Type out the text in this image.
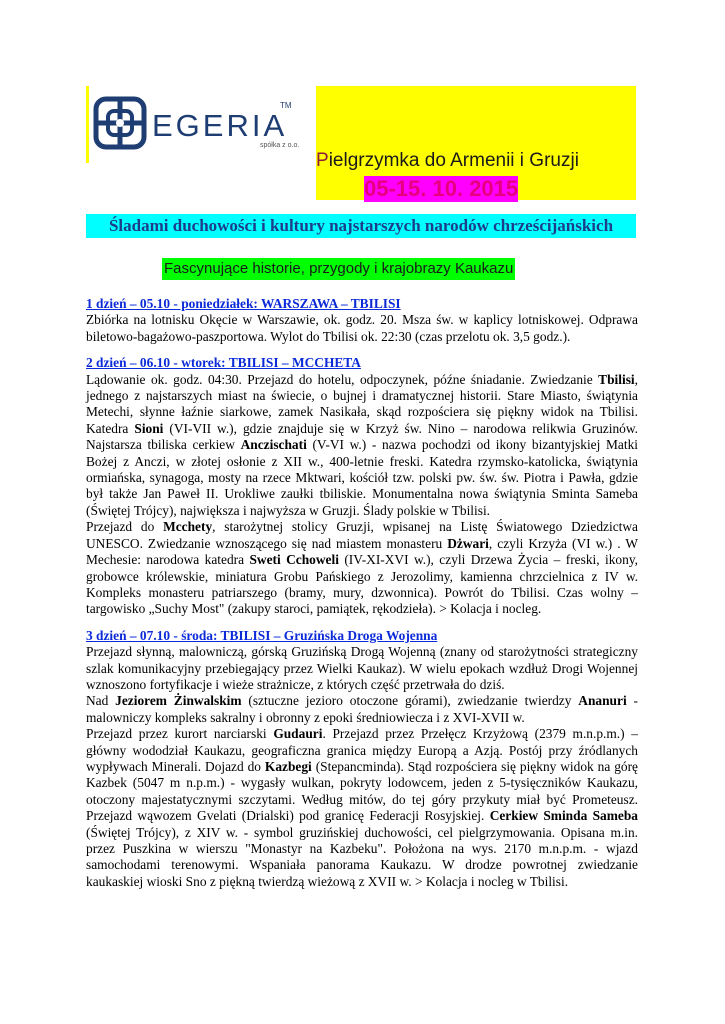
EGERIA
TM
spółka z o.o.
Pielgrzymka do Armenii i Gruzji
05-15. 10. 2015
Śladami duchowości i kultury najstarszych narodów chrześcijańskich
Fascynujące historie, przygody i krajobrazy Kaukazu
1 dzień – 05.10 - poniedziałek: WARSZAWA – TBILISI
Zbiórka na lotnisku Okęcie w Warszawie, ok. godz. 20. Msza św. w kaplicy lotniskowej. Odprawa biletowo-bagażowo-paszportowa. Wylot do Tbilisi ok. 22:30 (czas przelotu ok. 3,5 godz.).
2 dzień – 06.10 - wtorek: TBILISI – MCCHETA
Lądowanie ok. godz. 04:30. Przejazd do hotelu, odpoczynek, późne śniadanie. Zwiedzanie Tbilisi, jednego z najstarszych miast na świecie, o bujnej i dramatycznej historii. Stare Miasto, świątynia Metechi, słynne łaźnie siarkowe, zamek Nasikała, skąd rozpościera się piękny widok na Tbilisi. Katedra Sioni (VI-VII w.), gdzie znajduje się w Krzyż św. Nino – narodowa relikwia Gruzinów. Najstarsza tbiliska cerkiew Anczischati (V-VI w.) - nazwa pochodzi od ikony bizantyjskiej Matki Bożej z Anczi, w złotej osłonie z XII w., 400-letnie freski. Katedra rzymsko-katolicka, świątynia ormiańska, synagoga, mosty na rzece Mktwari, kościół tzw. polski pw. św. św. Piotra i Pawła, gdzie był także Jan Paweł II. Urokliwe zaułki tbiliskie. Monumentalna nowa świątynia Sminta Sameba (Świętej Trójcy), największa i najwyższa w Gruzji. Ślady polskie w Tbilisi.
Przejazd do Mcchety, starożytnej stolicy Gruzji, wpisanej na Listę Światowego Dziedzictwa UNESCO. Zwiedzanie wznoszącego się nad miastem monasteru Dżwari, czyli Krzyża (VI w.) . W Mechesie: narodowa katedra Sweti Cchoweli (IV-XI-XVI w.), czyli Drzewa Życia – freski, ikony, grobowce królewskie, miniatura Grobu Pańskiego z Jerozolimy, kamienna chrzcielnica z IV w. Kompleks monasteru patriarszego (bramy, mury, dzwonnica). Powrót do Tbilisi. Czas wolny – targowisko „Suchy Most" (zakupy staroci, pamiątek, rękodzieła). > Kolacja i nocleg.
3 dzień – 07.10 - środa: TBILISI – Gruzińska Droga Wojenna
Przejazd słynną, malowniczą, górską Gruzińską Drogą Wojenną (znany od starożytności strategiczny szlak komunikacyjny przebiegający przez Wielki Kaukaz). W wielu epokach wzdłuż Drogi Wojennej wznoszono fortyfikacje i wieże strażnicze, z których część przetrwała do dziś.
Nad Jeziorem Żinwalskim (sztuczne jezioro otoczone górami), zwiedzanie twierdzy Ananuri - malowniczy kompleks sakralny i obronny z epoki średniowiecza i z XVI-XVII w.
Przejazd przez kurort narciarski Gudauri. Przejazd przez Przełęcz Krzyżową (2379 m.n.p.m.) – główny wododział Kaukazu, geograficzna granica między Europą a Azją. Postój przy źródlanych wypływach Minerali. Dojazd do Kazbegi (Stepancminda). Stąd rozpościera się piękny widok na górę Kazbek (5047 m n.p.m.) - wygasły wulkan, pokryty lodowcem, jeden z 5-tysięczników Kaukazu, otoczony majestatycznymi szczytami. Według mitów, do tej góry przykuty miał być Prometeusz. Przejazd wąwozem Gvelati (Drialski) pod granicę Federacji Rosyjskiej. Cerkiew Sminda Sameba (Świętej Trójcy), z XIV w. - symbol gruzińskiej duchowości, cel pielgrzymowania. Opisana m.in. przez Puszkina w wierszu "Monastyr na Kazbeku". Położona na wys. 2170 m.n.p.m. - wjazd samochodami terenowymi. Wspaniała panorama Kaukazu. W drodze powrotnej zwiedzanie kaukaskiej wioski Sno z piękną twierdzą wieżową z XVII w. > Kolacja i nocleg w Tbilisi.
